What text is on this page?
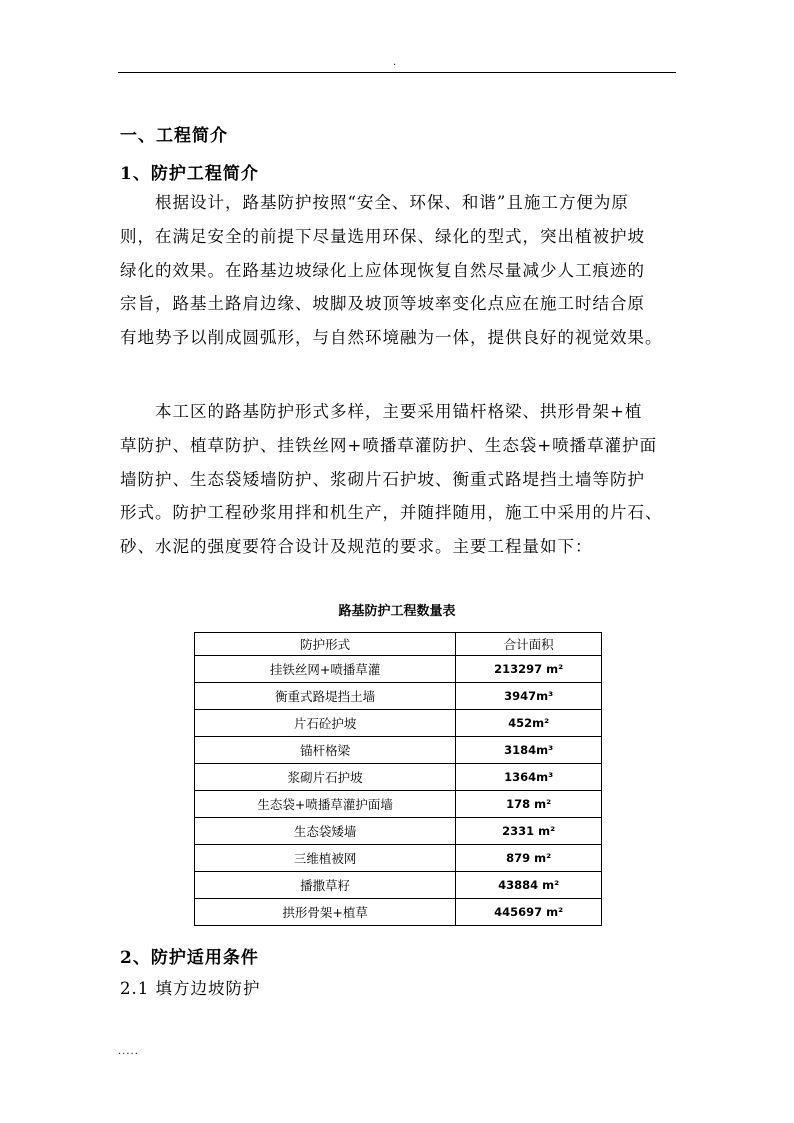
.
一、工程简介
1、防护工程简介

　　根据设计，路基防护按照“安全、环保、和谐”且施工方便为原
则，在满足安全的前提下尽量选用环保、绿化的型式，突出植被护坡
绿化的效果。在路基边坡绿化上应体现恢复自然尽量减少人工痕迹的
宗旨，路基土路肩边缘、坡脚及坡顶等坡率变化点应在施工时结合原
有地势予以削成圆弧形，与自然环境融为一体，提供良好的视觉效果。

　　本工区的路基防护形式多样，主要采用锚杆格梁、拱形骨架+植
草防护、植草防护、挂铁丝网+喷播草灌防护、生态袋+喷播草灌护面
墙防护、生态袋矮墙防护、浆砌片石护坡、衡重式路堤挡土墙等防护
形式。防护工程砂浆用拌和机生产，并随拌随用，施工中采用的片石、
砂、水泥的强度要符合设计及规范的要求。主要工程量如下：

路基防护工程数量表
防护形式	合计面积
挂铁丝网+喷播草灌	213297 m²
衡重式路堤挡土墙	3947m³
片石砼护坡	452m²
锚杆格梁	3184m³
浆砌片石护坡	1364m³
生态袋+喷播草灌护面墙	178 m²
生态袋矮墙	2331 m²
三维植被网	879 m²
播撒草籽	43884 m²
拱形骨架+植草	445697 m²
2、防护适用条件
2.1 填方边坡防护
.....
